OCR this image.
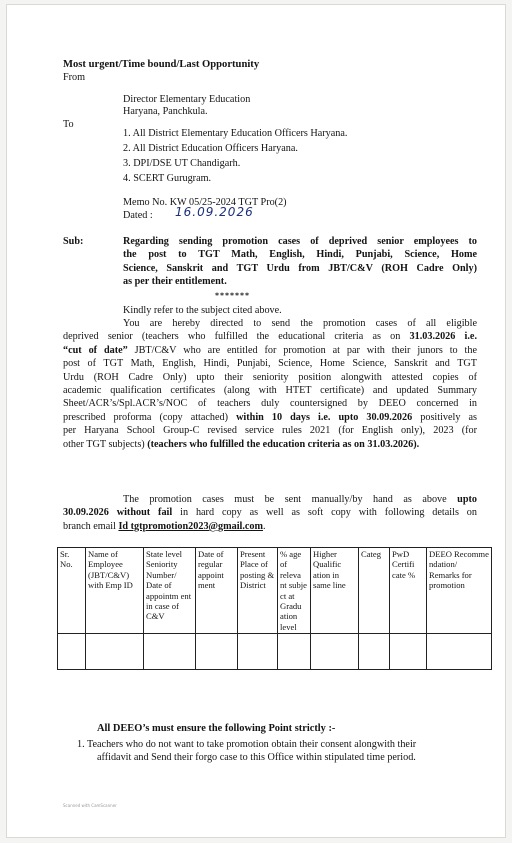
Most urgent/Time bound/Last Opportunity
From
Director Elementary Education
Haryana, Panchkula.
To
1. All District Elementary Education Officers Haryana.
2. All District Education Officers Haryana.
3. DPI/DSE UT Chandigarh.
4. SCERT Gurugram.
Memo No. KW 05/25-2024 TGT Pro(2)
Dated : 16.09.2026
Sub:	Regarding sending promotion cases of deprived senior employees to
the post to TGT Math, English, Hindi, Punjabi, Science, Home
Science, Sanskrit and TGT Urdu from JBT/C&V (ROH Cadre Only)
as per their entitlement.
*******
Kindly refer to the subject cited above.
You are hereby directed to send the promotion cases of all eligible
deprived senior (teachers who fulfilled the educational criteria as on 31.03.2026 i.e.
“cut of date” JBT/C&V who are entitled for promotion at par with their junors to the
post of TGT Math, English, Hindi, Punjabi, Science, Home Science, Sanskrit and TGT
Urdu (ROH Cadre Only) upto their seniority position alongwith attested copies of
academic qualification certificates (along with HTET certificate) and updated Summary
Sheet/ACR’s/Spl.ACR’s/NOC of teachers duly countersigned by DEEO concerned in
prescribed proforma (copy attached) within 10 days i.e. upto 30.09.2026 positively as
per Haryana School Group-C revised service rules 2021 (for English only), 2023 (for
other TGT subjects) (teachers who fulfilled the education criteria as on 31.03.2026).
The promotion cases must be sent manually/by hand as above upto
30.09.2026 without fail in hard copy as well as soft copy with following details on
branch email Id tgtpromotion2023@gmail.com.
Sr. No.	Name of Employee (JBT/C&V) with Emp ID	State level Seniority Number/ Date of appointm ent in case of C&V	Date of regular appoint ment	Present Place of posting & District	% age of releva nt subje ct at Gradu ation level	Higher Qualific ation in same line	Categ	PwD Certifi cate %	DEEO Recomme ndation/ Remarks for promotion

All DEEO’s must ensure the following Point strictly :-
1. Teachers who do not want to take promotion obtain their consent alongwith their
affidavit and Send their forgo case to this Office within stipulated time period.
Scanned with CamScanner
